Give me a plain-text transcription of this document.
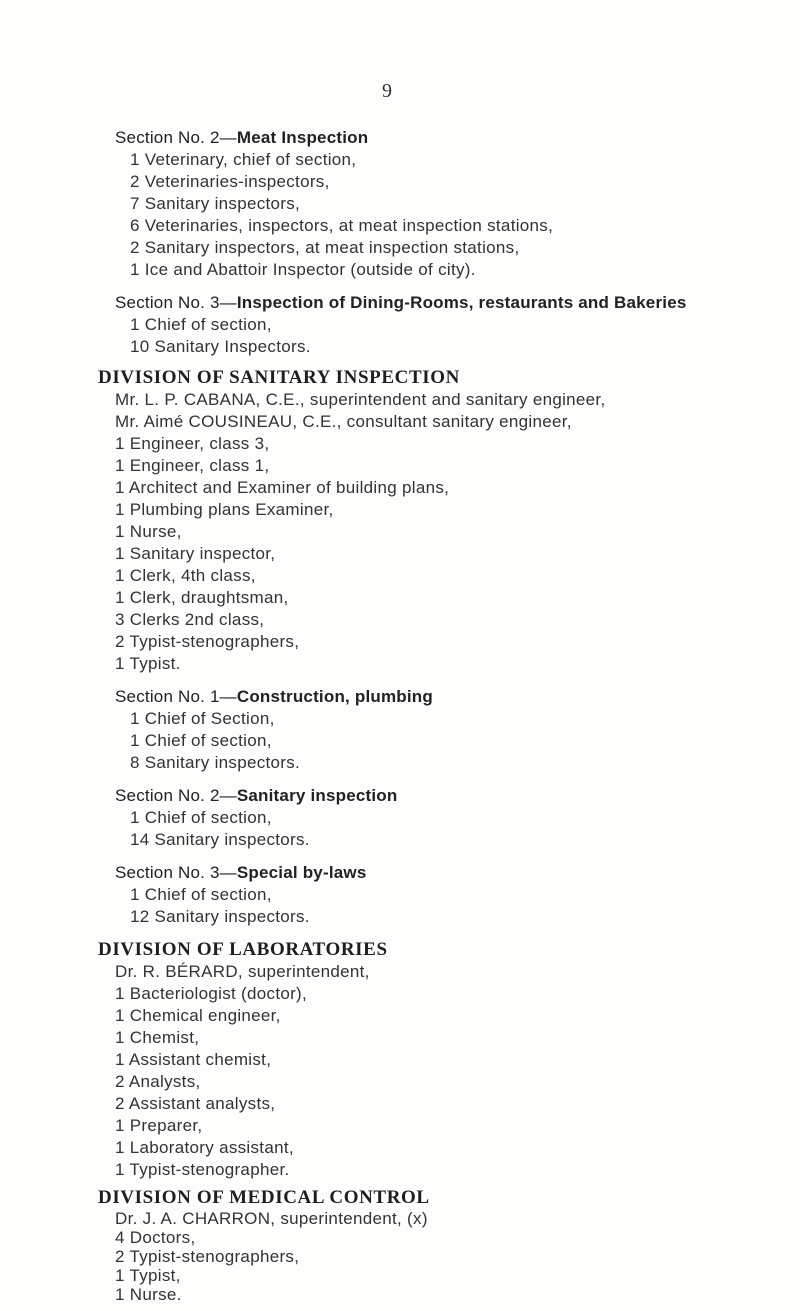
9
Section No. 2—Meat Inspection
1 Veterinary, chief of section,
2 Veterinaries-inspectors,
7 Sanitary inspectors,
6 Veterinaries, inspectors, at meat inspection stations,
2 Sanitary inspectors, at meat inspection stations,
1 Ice and Abattoir Inspector (outside of city).
Section No. 3—Inspection of Dining-Rooms, restaurants and Bakeries
1 Chief of section,
10 Sanitary Inspectors.
DIVISION OF SANITARY INSPECTION
Mr. L. P. CABANA, C.E., superintendent and sanitary engineer,
Mr. Aimé COUSINEAU, C.E., consultant sanitary engineer,
1 Engineer, class 3,
1 Engineer, class 1,
1 Architect and Examiner of building plans,
1 Plumbing plans Examiner,
1 Nurse,
1 Sanitary inspector,
1 Clerk, 4th class,
1 Clerk, draughtsman,
3 Clerks 2nd class,
2 Typist-stenographers,
1 Typist.
Section No. 1—Construction, plumbing
1 Chief of Section,
1 Chief of section,
8 Sanitary inspectors.
Section No. 2—Sanitary inspection
1 Chief of section,
14 Sanitary inspectors.
Section No. 3—Special by-laws
1 Chief of section,
12 Sanitary inspectors.
DIVISION OF LABORATORIES
Dr. R. BÉRARD, superintendent,
1 Bacteriologist (doctor),
1 Chemical engineer,
1 Chemist,
1 Assistant chemist,
2 Analysts,
2 Assistant analysts,
1 Preparer,
1 Laboratory assistant,
1 Typist-stenographer.
DIVISION OF MEDICAL CONTROL
Dr. J. A. CHARRON, superintendent, (x)
4 Doctors,
2 Typist-stenographers,
1 Typist,
1 Nurse.
